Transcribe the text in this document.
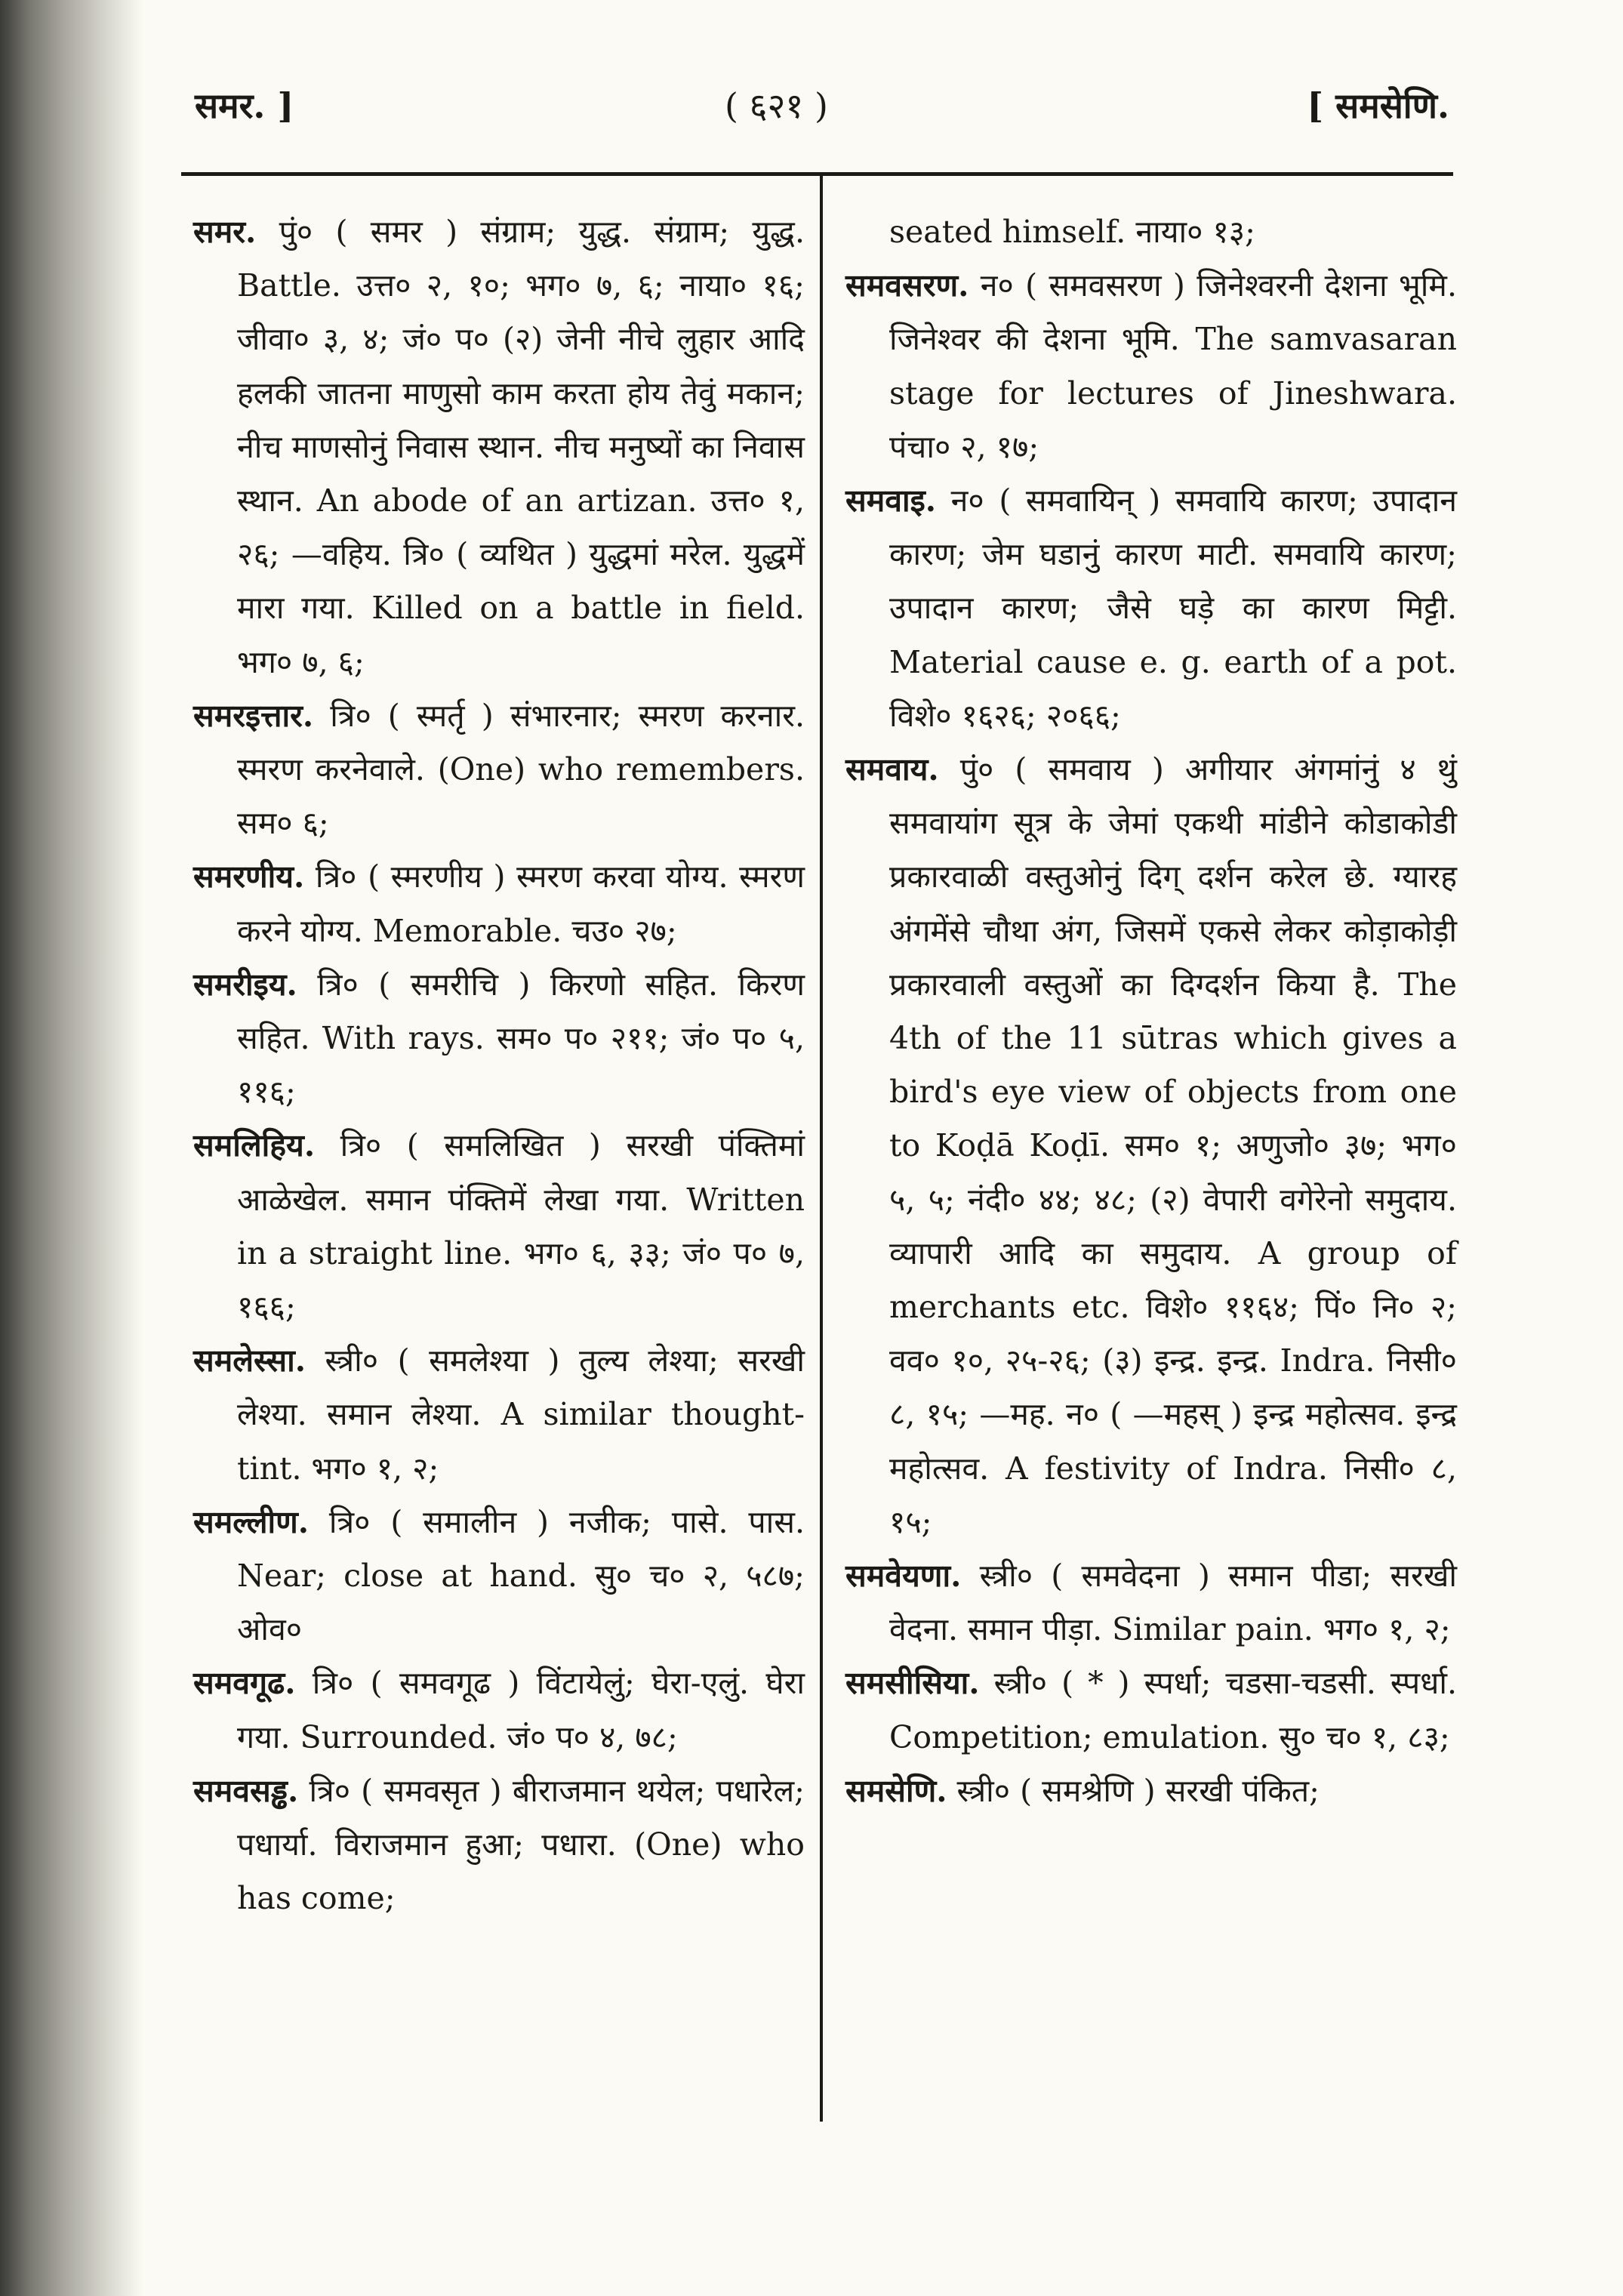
समर. ]	( ६२१ )	[ समसेणि.

समर. पुं० ( समर ) संग्राम; युद्ध. संग्राम; युद्ध. Battle. उत्त० २, १०; भग० ७, ६; नाया० १६; जीवा० ३, ४; जं० प० (२) जेनी नीचे लुहार आदि हलकी जातना माणुसो काम करता होय तेवुं मकान; नीच माणसोनुं निवास स्थान. नीच मनुष्यों का निवास स्थान. An abode of an artizan. उत्त० १, २६; —वहिय. त्रि० ( व्यथित ) युद्धमां मरेल. युद्धमें मारा गया. Killed on a battle in field. भग० ७, ६;

समरइत्तार. त्रि० ( स्मर्तृ ) संभारनार; स्मरण करनार. स्मरण करनेवाले. (One) who remembers. सम० ६;

समरणीय. त्रि० ( स्मरणीय ) स्मरण करवा योग्य. स्मरण करने योग्य. Memorable. चउ० २७;

समरीइय. त्रि० ( समरीचि ) किरणो सहित. किरण सहित. With rays. सम० प० २११; जं० प० ५, ११६;

समलिहिय. त्रि० ( समलिखित ) सरखी पंक्तिमां आळेखेल. समान पंक्तिमें लेखा गया. Written in a straight line. भग० ६, ३३; जं० प० ७, १६६;

समलेस्सा. स्त्री० ( समलेश्या ) तुल्य लेश्या; सरखी लेश्या. समान लेश्या. A similar thought-tint. भग० १, २;

समल्लीण. त्रि० ( समालीन ) नजीक; पासे. पास. Near; close at hand. सु० च० २, ५८७; ओव०

समवगूढ. त्रि० ( समवगूढ ) विंटायेलुं; घेरा-एलुं. घेरा गया. Surrounded. जं० प० ४, ७८;

समवसड्ढ. त्रि० ( समवसृत ) बीराजमान थयेल; पधारेल; पधार्या. विराजमान हुआ; पधारा. (One) who has come;

seated himself. नाया० १३;

समवसरण. न० ( समवसरण ) जिनेश्वरनी देशना भूमि. जिनेश्वर की देशना भूमि. The samvasaran stage for lectures of Jineshwara. पंचा० २, १७;

समवाइ. न० ( समवायिन् ) समवायि कारण; उपादान कारण; जेम घडानुं कारण माटी. समवायि कारण; उपादान कारण; जैसे घड़े का कारण मिट्टी. Material cause e. g. earth of a pot. विशे० १६२६; २०६६;

समवाय. पुं० ( समवाय ) अगीयार अंगमांनुं ४ थुं समवायांग सूत्र के जेमां एकथी मांडीने कोडाकोडी प्रकारवाळी वस्तुओनुं दिग् दर्शन करेल छे. ग्यारह अंगमेंसे चौथा अंग, जिसमें एकसे लेकर कोड़ाकोड़ी प्रकारवाली वस्तुओं का दिग्दर्शन किया है. The 4th of the 11 sūtras which gives a bird's eye view of objects from one to Koḍā Koḍī. सम० १; अणुजो० ३७; भग० ५, ५; नंदी० ४४; ४८; (२) वेपारी वगेरेनो समुदाय. व्यापारी आदि का समुदाय. A group of merchants etc. विशे० ११६४; पिं० नि० २; वव० १०, २५-२६; (३) इन्द्र. इन्द्र. Indra. निसी० ८, १५; —मह. न० ( —महस् ) इन्द्र महोत्सव. इन्द्र महोत्सव. A festivity of Indra. निसी० ८, १५;

समवेयणा. स्त्री० ( समवेदना ) समान पीडा; सरखी वेदना. समान पीड़ा. Similar pain. भग० १, २;

समसीसिया. स्त्री० ( * ) स्पर्धा; चडसा-चडसी. स्पर्धा. Competition; emulation. सु० च० १, ८३;

समसेणि. स्त्री० ( समश्रेणि ) सरखी पंकित;
